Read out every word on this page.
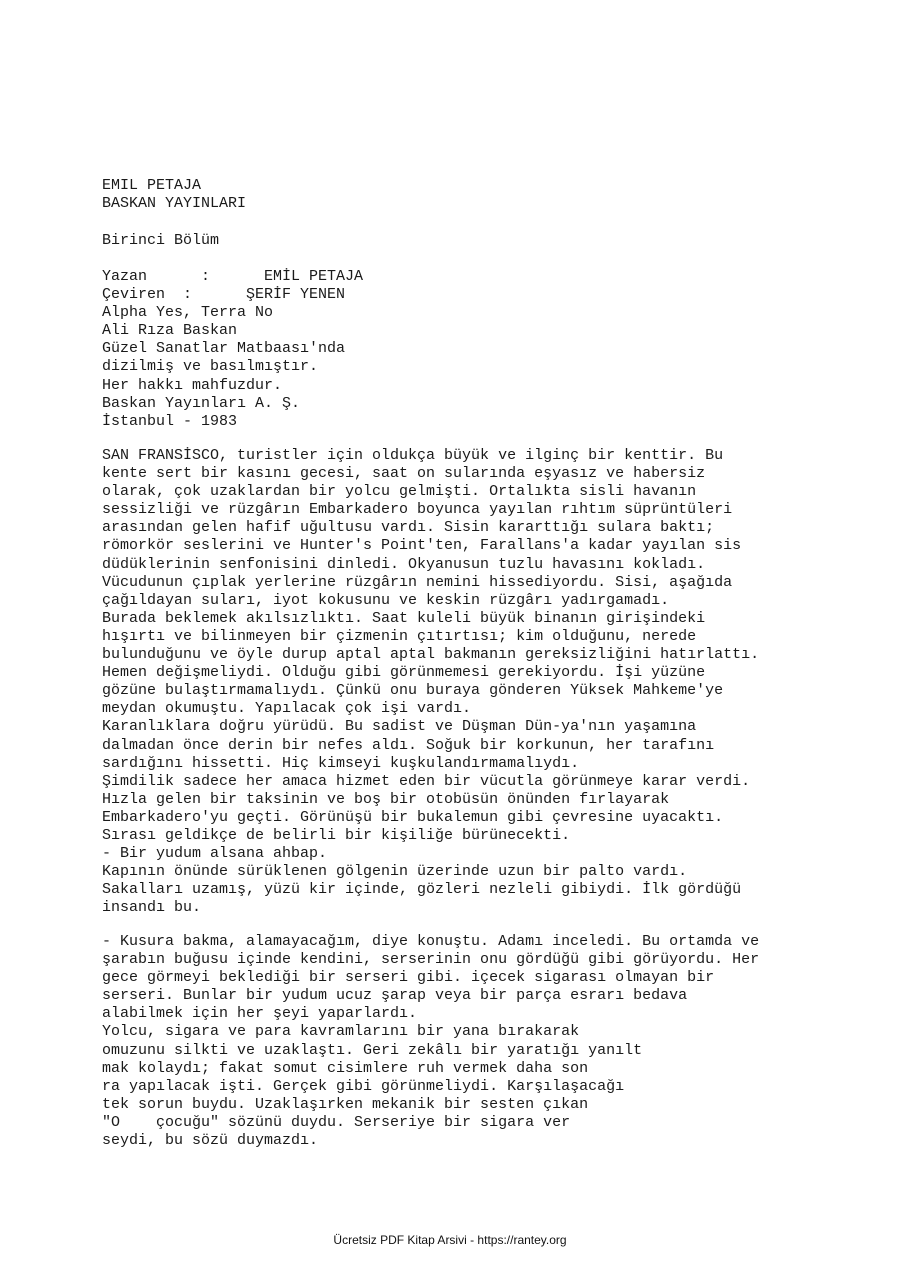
EMIL PETAJA
BASKAN YAYINLARI
Birinci Bölüm
Yazan      :      EMİL PETAJA
Çeviren  :      ŞERİF YENEN
Alpha Yes, Terra No
Ali Rıza Baskan
Güzel Sanatlar Matbaası'nda
dizilmiş ve basılmıştır.
Her hakkı mahfuzdur.
Baskan Yayınları A. Ş.
İstanbul - 1983
SAN FRANSİSCO, turistler için oldukça büyük ve ilginç bir kenttir. Bu
kente sert bir kasını gecesi, saat on sularında eşyasız ve habersiz
olarak, çok uzaklardan bir yolcu gelmişti. Ortalıkta sisli havanın
sessizliği ve rüzgârın Embarkadero boyunca yayılan rıhtım süprüntüleri
arasından gelen hafif uğultusu vardı. Sisin kararttığı sulara baktı;
römorkör seslerini ve Hunter's Point'ten, Farallans'a kadar yayılan sis
düdüklerinin senfonisini dinledi. Okyanusun tuzlu havasını kokladı.
Vücudunun çıplak yerlerine rüzgârın nemini hissediyordu. Sisi, aşağıda
çağıldayan suları, iyot kokusunu ve keskin rüzgârı yadırgamadı.
Burada beklemek akılsızlıktı. Saat kuleli büyük binanın girişindeki
hışırtı ve bilinmeyen bir çizmenin çıtırtısı; kim olduğunu, nerede
bulunduğunu ve öyle durup aptal aptal bakmanın gereksizliğini hatırlattı.
Hemen değişmeliydi. Olduğu gibi görünmemesi gerekiyordu. İşi yüzüne
gözüne bulaştırmamalıydı. Çünkü onu buraya gönderen Yüksek Mahkeme'ye
meydan okumuştu. Yapılacak çok işi vardı.
Karanlıklara doğru yürüdü. Bu sadist ve Düşman Dün-ya'nın yaşamına
dalmadan önce derin bir nefes aldı. Soğuk bir korkunun, her tarafını
sardığını hissetti. Hiç kimseyi kuşkulandırmamalıydı.
Şimdilik sadece her amaca hizmet eden bir vücutla görünmeye karar verdi.
Hızla gelen bir taksinin ve boş bir otobüsün önünden fırlayarak
Embarkadero'yu geçti. Görünüşü bir bukalemun gibi çevresine uyacaktı.
Sırası geldikçe de belirli bir kişiliğe bürünecekti.
- Bir yudum alsana ahbap.
Kapının önünde sürüklenen gölgenin üzerinde uzun bir palto vardı.
Sakalları uzamış, yüzü kir içinde, gözleri nezleli gibiydi. İlk gördüğü
insandı bu.
- Kusura bakma, alamayacağım, diye konuştu. Adamı inceledi. Bu ortamda ve
şarabın buğusu içinde kendini, serserinin onu gördüğü gibi görüyordu. Her
gece görmeyi beklediği bir serseri gibi. içecek sigarası olmayan bir
serseri. Bunlar bir yudum ucuz şarap veya bir parça esrarı bedava
alabilmek için her şeyi yaparlardı.
Yolcu, sigara ve para kavramlarını bir yana bırakarak
omuzunu silkti ve uzaklaştı. Geri zekâlı bir yaratığı yanılt
mak kolaydı; fakat somut cisimlere ruh vermek daha son
ra yapılacak işti. Gerçek gibi görünmeliydi. Karşılaşacağı
tek sorun buydu. Uzaklaşırken mekanik bir sesten çıkan
"O    çocuğu" sözünü duydu. Serseriye bir sigara ver
seydi, bu sözü duymazdı.
Ücretsiz PDF Kitap Arsivi - https://rantey.org
